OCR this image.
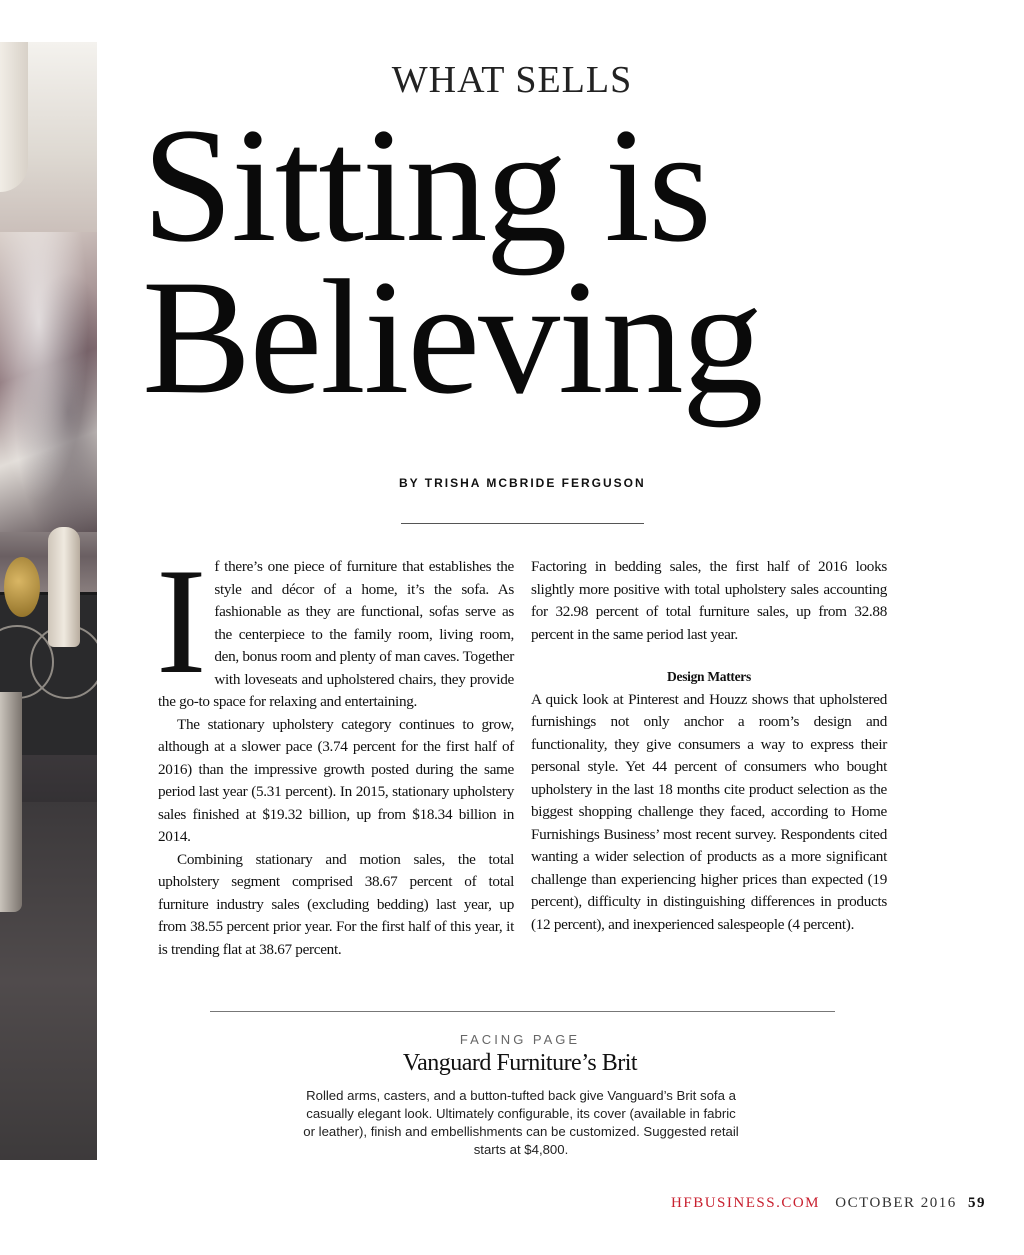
WHAT SELLS
Sitting is
Believing
BY TRISHA MCBRIDE FERGUSON

If there’s one piece of furniture that establishes the style and décor of a home, it’s the sofa. As fashionable as they are functional, sofas serve as the centerpiece to the family room, living room, den, bonus room and plenty of man caves. Together with loveseats and upholstered chairs, they provide the go-to space for relaxing and entertaining.

The stationary upholstery category continues to grow, although at a slower pace (3.74 percent for the first half of 2016) than the impressive growth posted during the same period last year (5.31 percent). In 2015, stationary upholstery sales finished at $19.32 billion, up from $18.34 billion in 2014.

Combining stationary and motion sales, the total upholstery segment comprised 38.67 percent of total furniture industry sales (excluding bedding) last year, up from 38.55 percent prior year. For the first half of this year, it is trending flat at 38.67 percent.

Factoring in bedding sales, the first half of 2016 looks slightly more positive with total upholstery sales accounting for 32.98 percent of total furniture sales, up from 32.88 percent in the same period last year.

Design Matters

A quick look at Pinterest and Houzz shows that upholstered furnishings not only anchor a room’s design and functionality, they give consumers a way to express their personal style. Yet 44 percent of consumers who bought upholstery in the last 18 months cite product selection as the biggest shopping challenge they faced, according to Home Furnishings Business’ most recent survey. Respondents cited wanting a wider selection of products as a more significant challenge than experiencing higher prices than expected (19 percent), difficulty in distinguishing differences in products (12 percent), and inexperienced salespeople (4 percent).

FACING PAGE
Vanguard Furniture’s Brit
Rolled arms, casters, and a button-tufted back give Vanguard’s Brit sofa a casually elegant look. Ultimately configurable, its cover (available in fabric or leather), finish and embellishments can be customized. Suggested retail starts at $4,800.
HFBUSINESS.COM OCTOBER 2016 59
